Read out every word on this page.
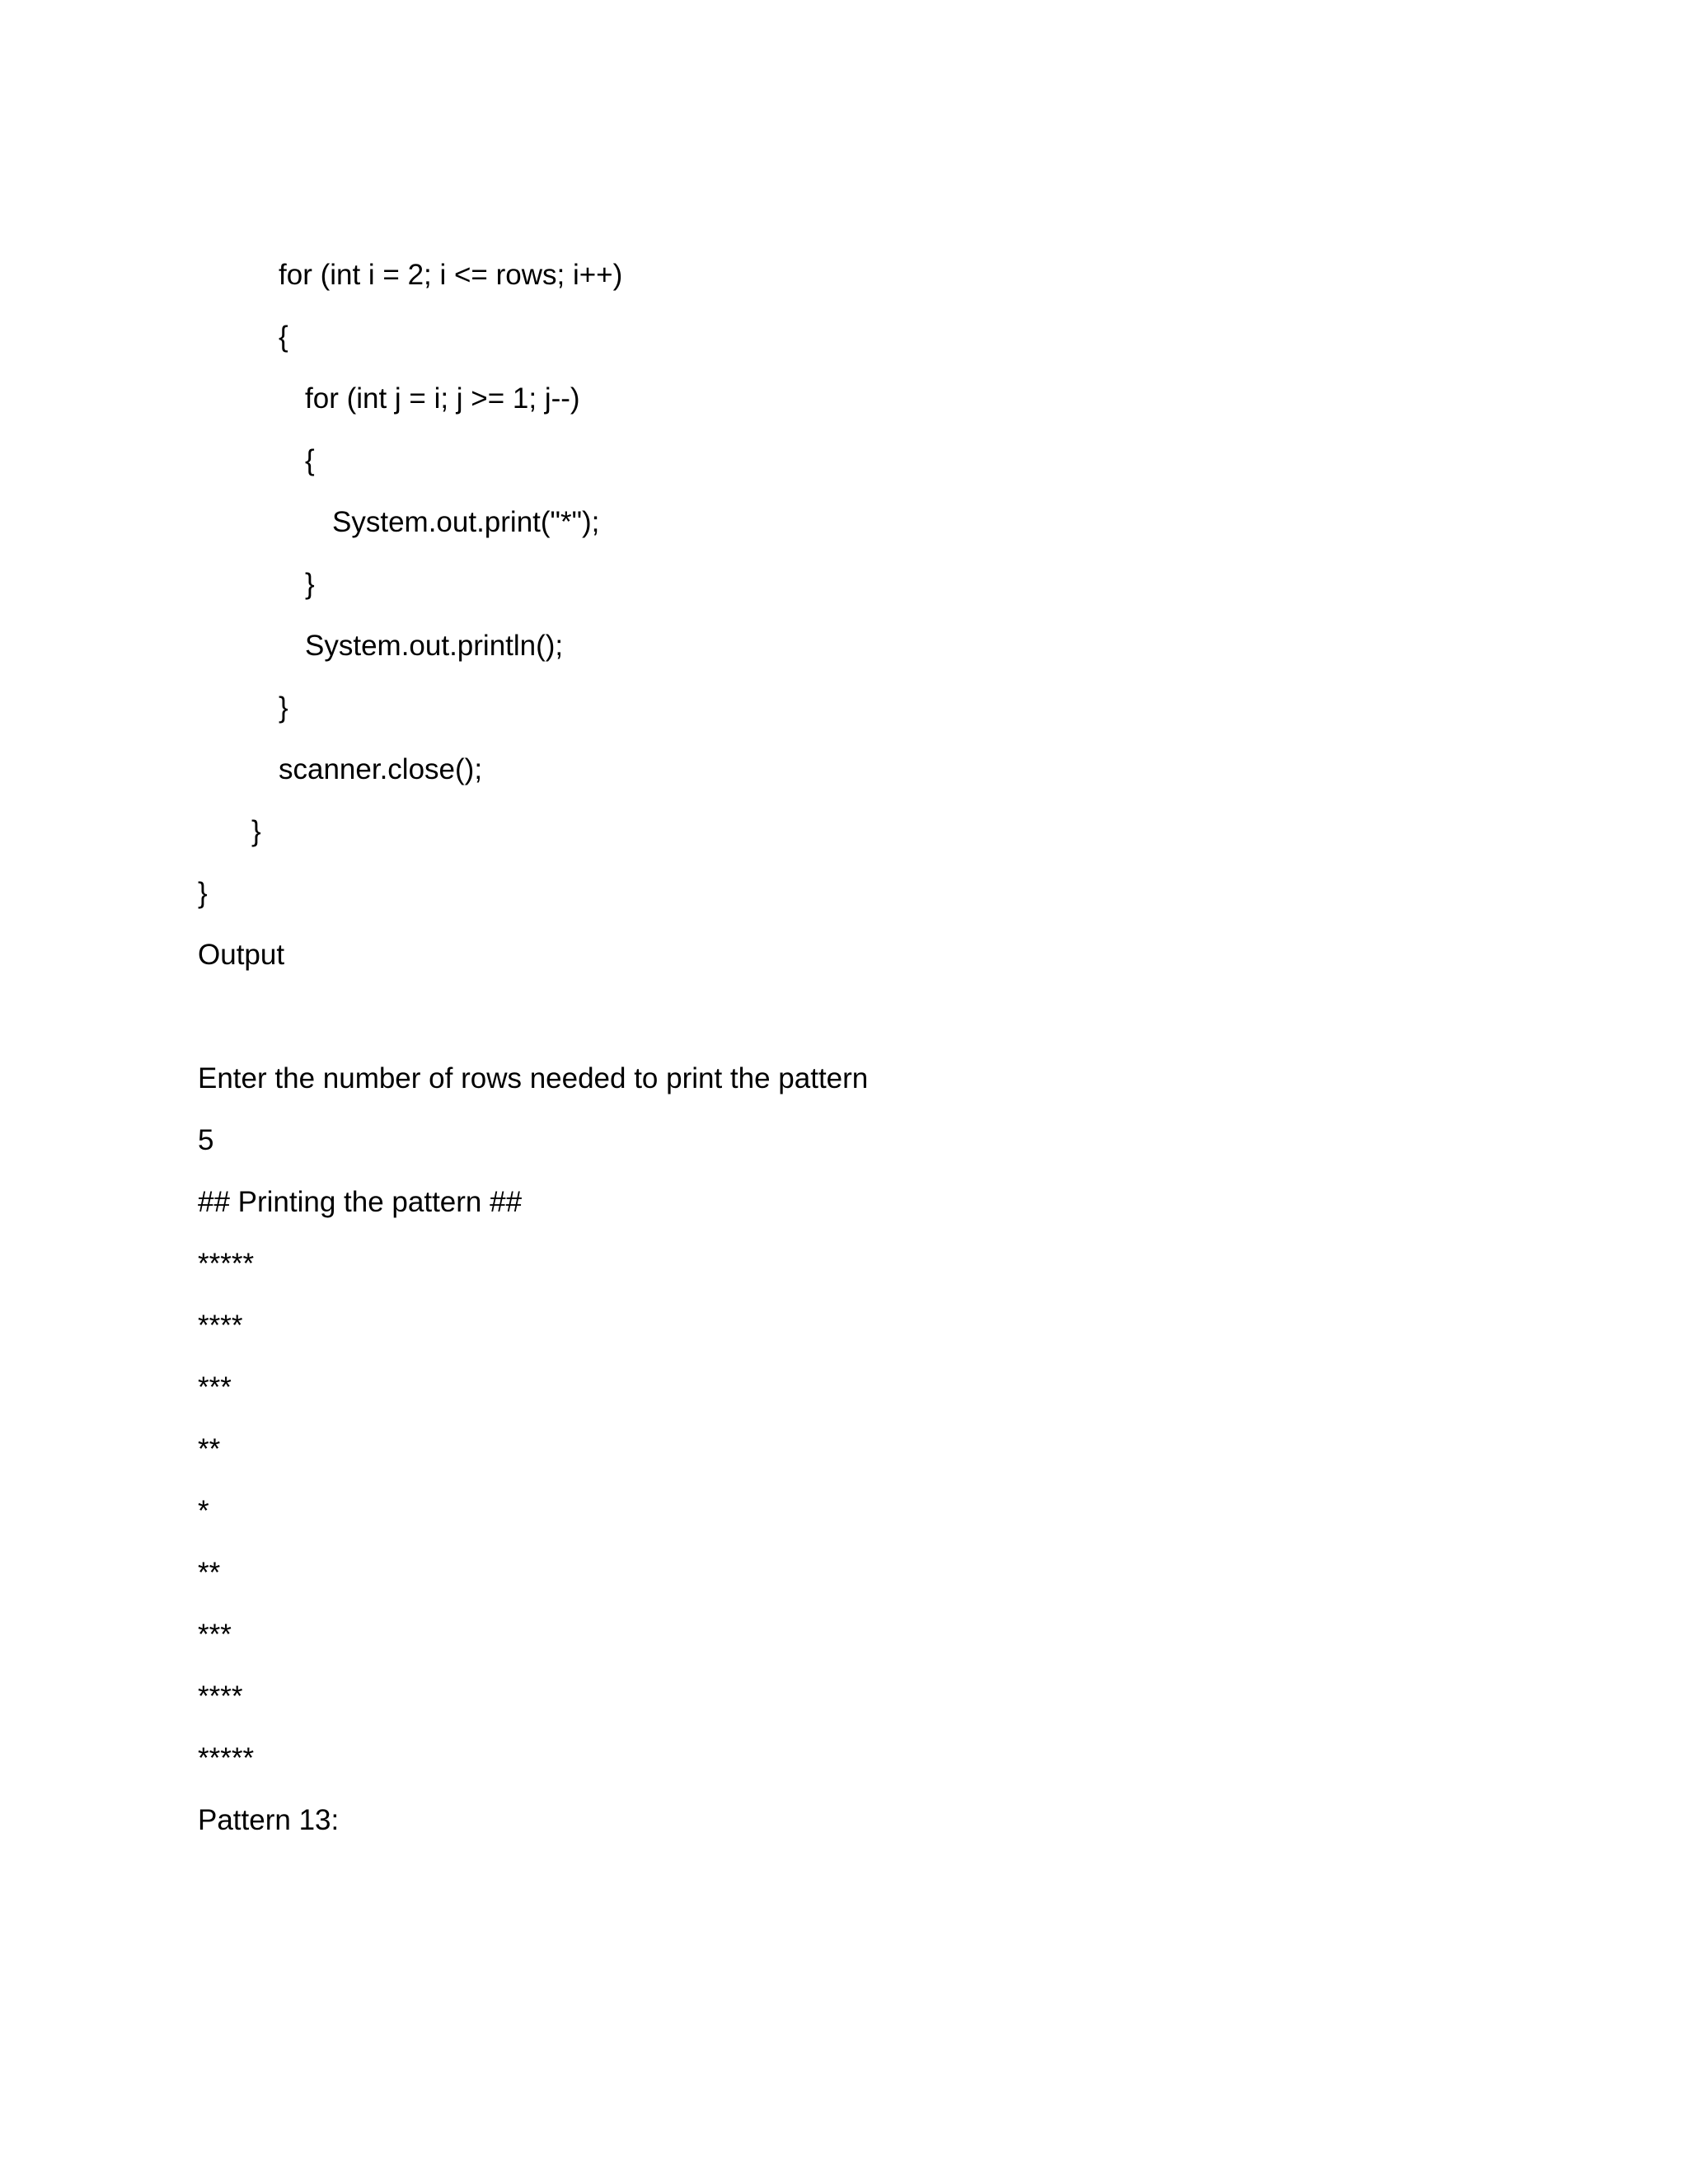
for (int i = 2; i <= rows; i++)
{
for (int j = i; j >= 1; j--)
{
System.out.print("*");
}
System.out.println();
}
scanner.close();
}
}
Output
Enter the number of rows needed to print the pattern
5
## Printing the pattern ##
*****
****
***
**
*
**
***
****
*****
Pattern 13:
